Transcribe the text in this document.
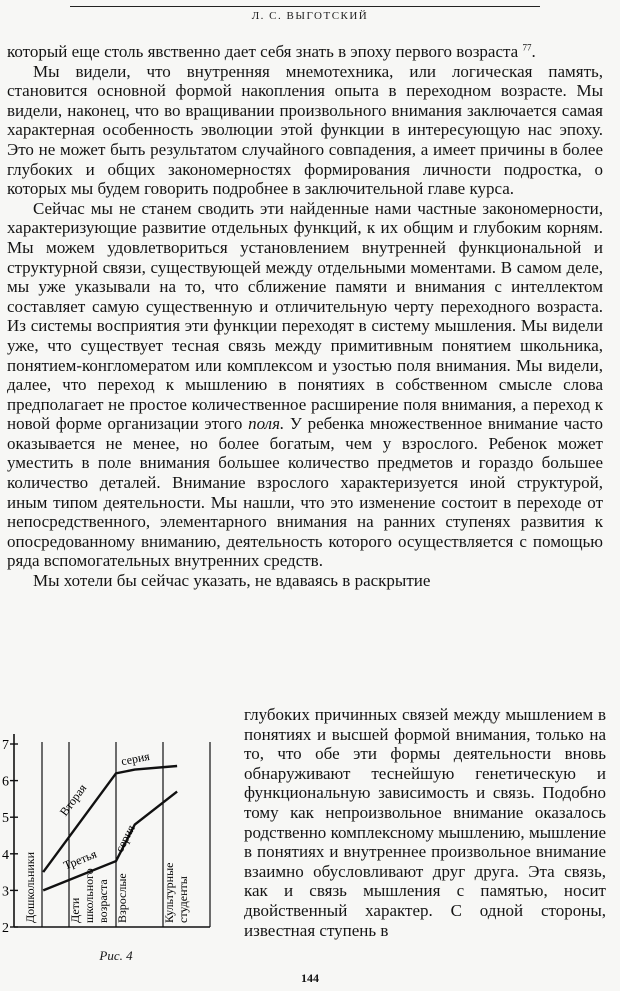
Л. С. ВЫГОТСКИЙ

который еще столь явственно дает себя знать в эпоху первого возраста $^{77}$.

Мы видели, что внутренняя мнемотехника, или логическая память, становится основной формой накопления опыта в переходном возрасте. Мы видели, наконец, что во вращивании произвольного внимания заключается самая характерная особенность эволюции этой функции в интересующую нас эпоху. Это не может быть результатом случайного совпадения, а имеет причины в более глубоких и общих закономерностях формирования личности подростка, о которых мы будем говорить подробнее в заключительной главе курса.

Сейчас мы не станем сводить эти найденные нами частные закономерности, характеризующие развитие отдельных функций, к их общим и глубоким корням. Мы можем удовлетвориться установлением внутренней функциональной и структурной связи, существующей между отдельными моментами. В самом деле, мы уже указывали на то, что сближение памяти и внимания с интеллектом составляет самую существенную и отличительную черту переходного возраста. Из системы восприятия эти функции переходят в систему мышления. Мы видели уже, что существует тесная связь между примитивным понятием школьника, понятием-конгломератом или комплексом и узостью поля внимания. Мы видели, далее, что переход к мышлению в понятиях в собственном смысле слова предполагает не простое количественное расширение поля внимания, а переход к новой форме организации этого поля. У ребенка множественное внимание часто оказывается не менее, но более богатым, чем у взрослого. Ребенок может уместить в поле внимания большее количество предметов и гораздо большее количество деталей. Внимание взрослого характеризуется иной структурой, иным типом деятельности. Мы нашли, что это изменение состоит в переходе от непосредственного, элементарного внимания на ранних ступенях развития к опосредованному вниманию, деятельность которого осуществляется с помощью ряда вспомогательных внутренних средств.

Мы хотели бы сейчас указать, не вдаваясь в раскрытие

2
3
4
5
6
7
Дошкольники	Дети школьного возраста Взрослые	Культурные студенты
Вторая
серия
Третья
серия
Рис. 4

глубоких причинных связей между мышлением в понятиях и высшей формой внимания, только на то, что обе эти формы деятельности вновь обнаруживают теснейшую генетическую и функциональную зависимость и связь. Подобно тому как непроизвольное внимание оказалось родственно комплексному мышлению, мышление в понятиях и внутреннее произвольное внимание взаимно обусловливают друг друга. Эта связь, как и связь мышления с памятью, носит двойственный характер. С одной стороны, известная ступень в

144
